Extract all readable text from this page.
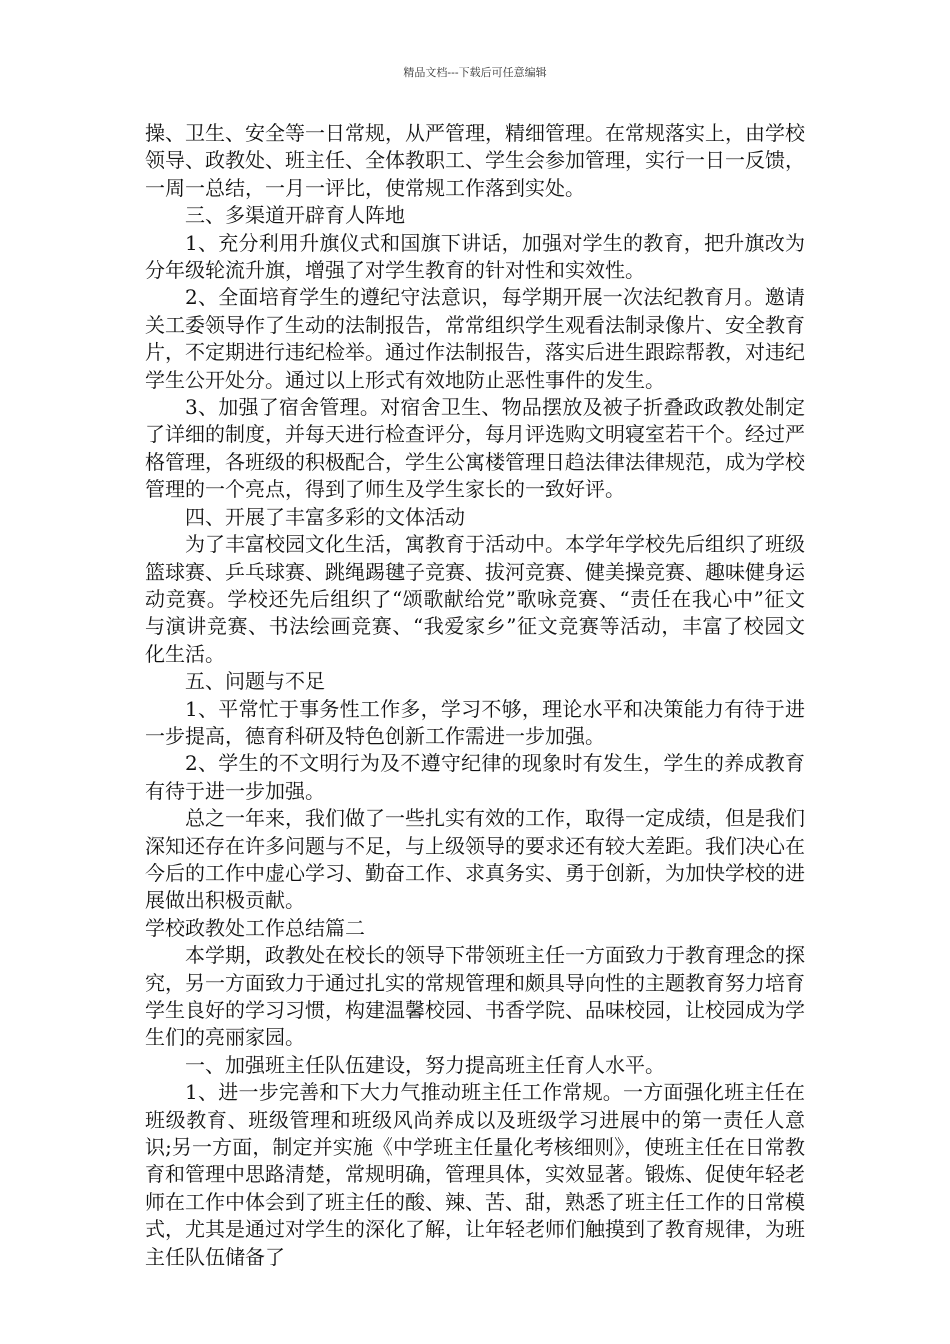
精品文档---下载后可任意编辑

操、卫生、安全等一日常规，从严管理，精细管理。在常规落实上，由学校领导、政教处、班主任、全体教职工、学生会参加管理，实行一日一反馈，一周一总结，一月一评比，使常规工作落到实处。

三、多渠道开辟育人阵地

1、充分利用升旗仪式和国旗下讲话，加强对学生的教育，把升旗改为分年级轮流升旗，增强了对学生教育的针对性和实效性。

2、全面培育学生的遵纪守法意识，每学期开展一次法纪教育月。邀请关工委领导作了生动的法制报告，常常组织学生观看法制录像片、安全教育片，不定期进行违纪检举。通过作法制报告，落实后进生跟踪帮教，对违纪学生公开处分。通过以上形式有效地防止恶性事件的发生。

3、加强了宿舍管理。对宿舍卫生、物品摆放及被子折叠政政教处制定了详细的制度，并每天进行检查评分，每月评选购文明寝室若干个。经过严格管理，各班级的积极配合，学生公寓楼管理日趋法律法律规范，成为学校管理的一个亮点，得到了师生及学生家长的一致好评。

四、开展了丰富多彩的文体活动

为了丰富校园文化生活，寓教育于活动中。本学年学校先后组织了班级篮球赛、乒乓球赛、跳绳踢毽子竞赛、拔河竞赛、健美操竞赛、趣味健身运动竞赛。学校还先后组织了“颂歌献给党”歌咏竞赛、“责任在我心中”征文与演讲竞赛、书法绘画竞赛、“我爱家乡”征文竞赛等活动，丰富了校园文化生活。

五、问题与不足

1、平常忙于事务性工作多，学习不够，理论水平和决策能力有待于进一步提高，德育科研及特色创新工作需进一步加强。

2、学生的不文明行为及不遵守纪律的现象时有发生，学生的养成教育有待于进一步加强。

总之一年来，我们做了一些扎实有效的工作，取得一定成绩，但是我们深知还存在许多问题与不足，与上级领导的要求还有较大差距。我们决心在今后的工作中虚心学习、勤奋工作、求真务实、勇于创新，为加快学校的进展做出积极贡献。

学校政教处工作总结篇二

本学期，政教处在校长的领导下带领班主任一方面致力于教育理念的探究，另一方面致力于通过扎实的常规管理和颇具导向性的主题教育努力培育学生良好的学习习惯，构建温馨校园、书香学院、品味校园，让校园成为学生们的亮丽家园。

一、加强班主任队伍建设，努力提高班主任育人水平。

1、进一步完善和下大力气推动班主任工作常规。一方面强化班主任在班级教育、班级管理和班级风尚养成以及班级学习进展中的第一责任人意识;另一方面，制定并实施《中学班主任量化考核细则》，使班主任在日常教育和管理中思路清楚，常规明确，管理具体，实效显著。锻炼、促使年轻老师在工作中体会到了班主任的酸、辣、苦、甜，熟悉了班主任工作的日常模式，尤其是通过对学生的深化了解，让年轻老师们触摸到了教育规律，为班主任队伍储备了
